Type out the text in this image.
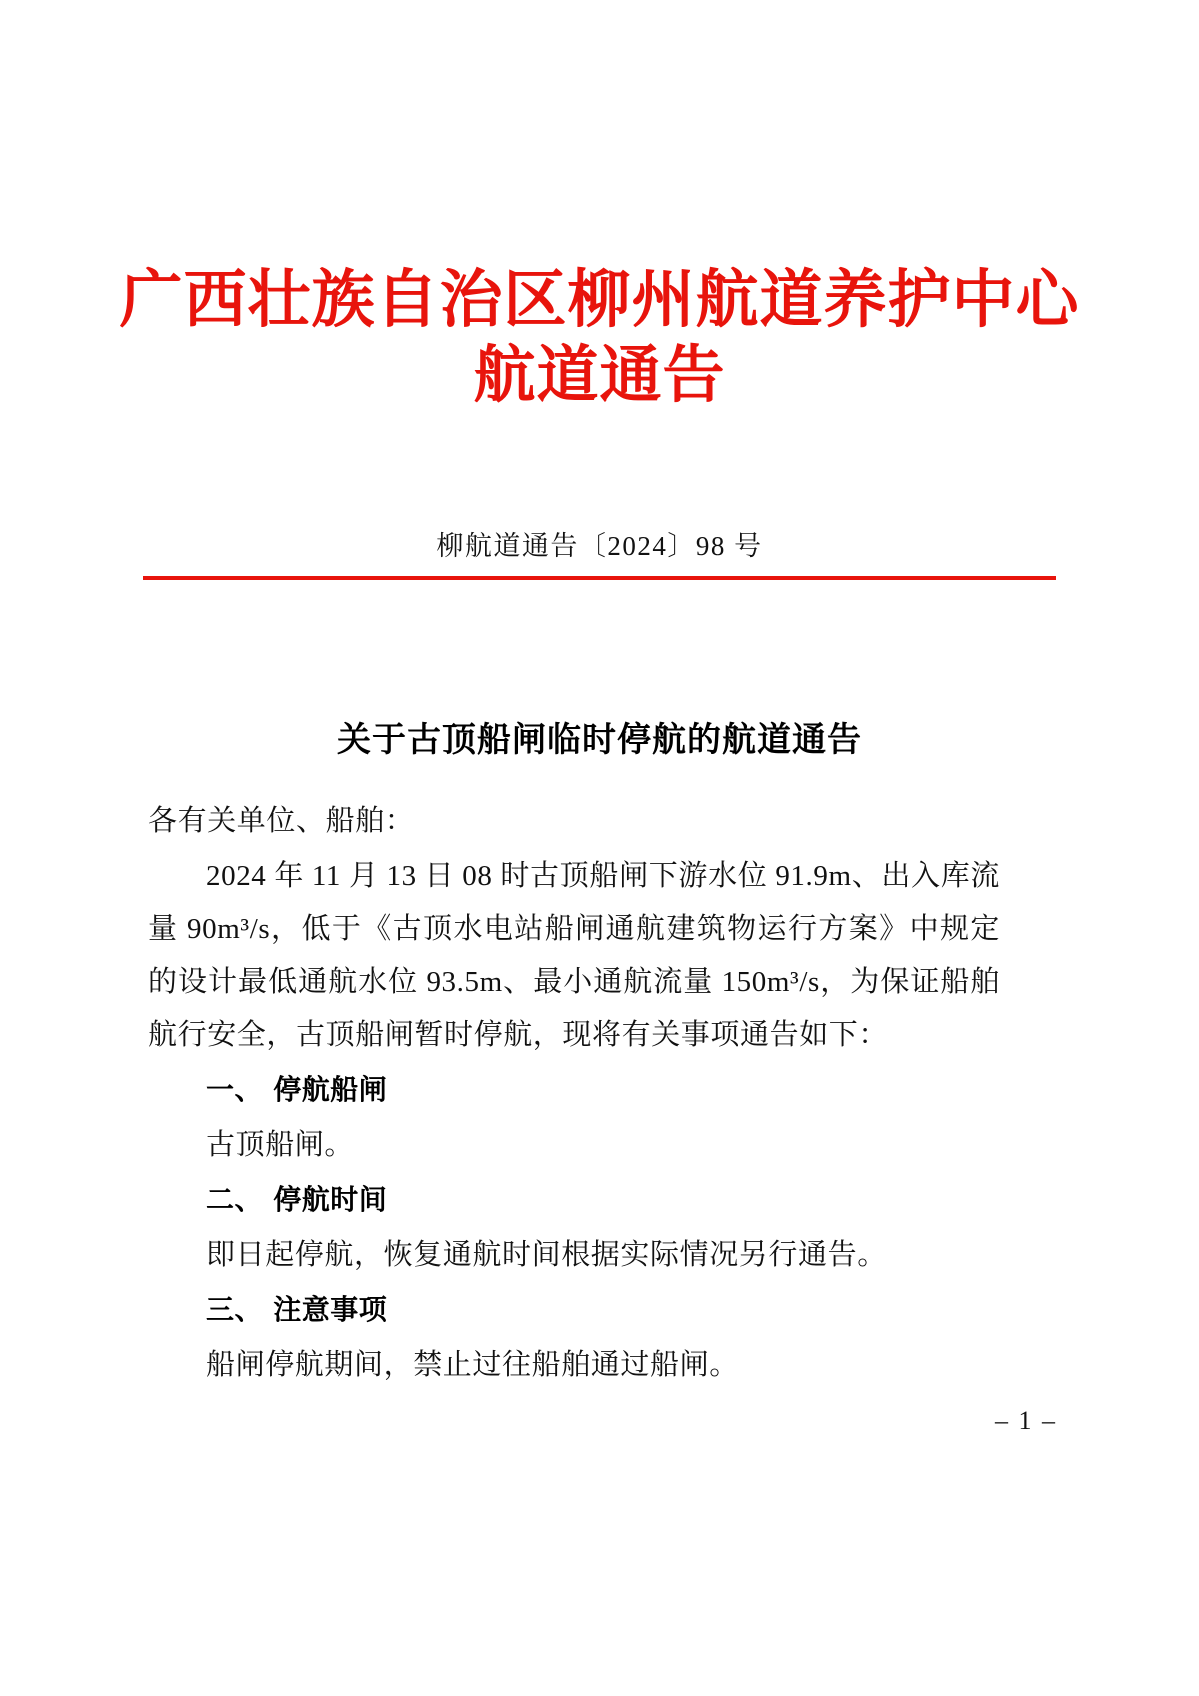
广西壮族自治区柳州航道养护中心
航道通告
柳航道通告〔2024〕98 号
关于古顶船闸临时停航的航道通告

各有关单位、船舶：

2024 年 11 月 13 日 08 时古顶船闸下游水位 91.9m、出入库流量 90m³/s，低于《古顶水电站船闸通航建筑物运行方案》中规定的设计最低通航水位 93.5m、最小通航流量 150m³/s，为保证船舶航行安全，古顶船闸暂时停航，现将有关事项通告如下：

一、 停航船闸

古顶船闸。

二、 停航时间

即日起停航，恢复通航时间根据实际情况另行通告。

三、 注意事项

船闸停航期间，禁止过往船舶通过船闸。

– 1 –
